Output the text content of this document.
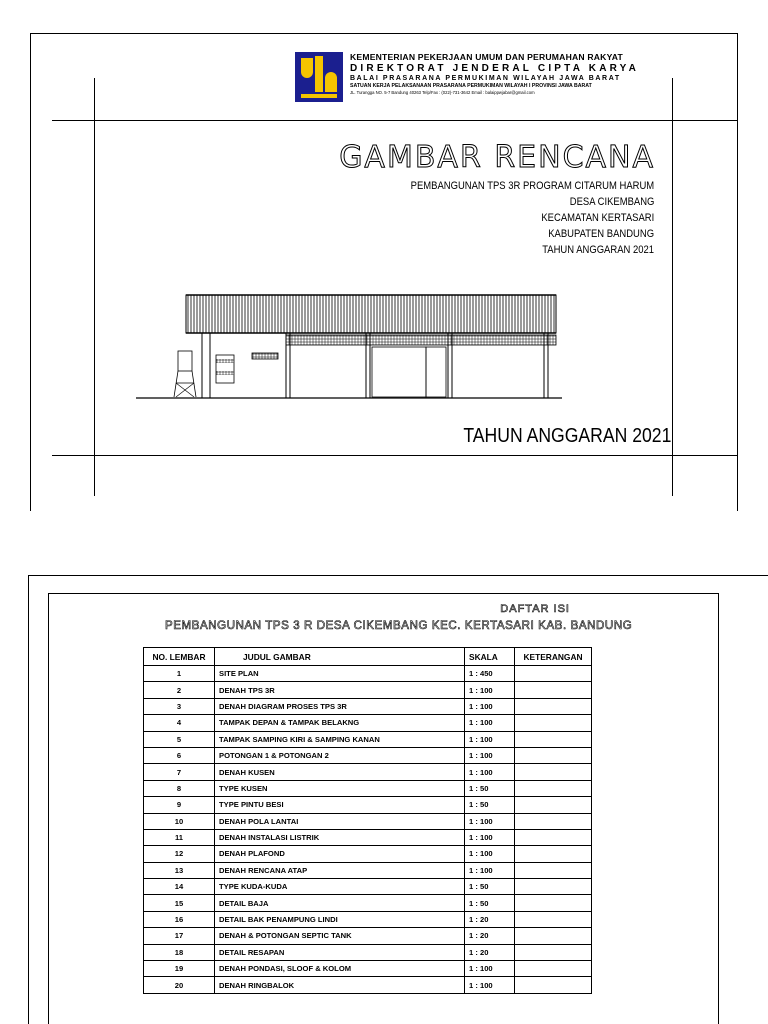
KEMENTERIAN PEKERJAAN UMUM DAN PERUMAHAN RAKYAT
DIREKTORAT JENDERAL CIPTA KARYA
BALAI PRASARANA PERMUKIMAN WILAYAH JAWA BARAT
SATUAN KERJA PELAKSANAAN PRASARANA PERMUKIMAN WILAYAH I PROVINSI JAWA BARAT
JL. Turangga NO. 5-7 Bandung 40263 Telp/Fax : (022)-731-3642 Email : balaippwjabar@gmail.com
GAMBAR RENCANA
PEMBANGUNAN TPS 3R PROGRAM CITARUM HARUM
DESA CIKEMBANG
KECAMATAN KERTASARI
KABUPATEN BANDUNG
TAHUN ANGGARAN 2021
TAHUN ANGGARAN 2021
DAFTAR ISI
PEMBANGUNAN TPS 3 R DESA CIKEMBANG KEC. KERTASARI KAB. BANDUNG
NO. LEMBAR	JUDUL GAMBAR	SKALA	KETERANGAN
1	SITE PLAN	1 : 450	
2	DENAH TPS 3R	1 : 100	
3	DENAH DIAGRAM PROSES TPS 3R	1 : 100	
4	TAMPAK DEPAN & TAMPAK BELAKNG	1 : 100	
5	TAMPAK SAMPING KIRI & SAMPING KANAN	1 : 100	
6	POTONGAN 1 & POTONGAN 2	1 : 100	
7	DENAH KUSEN	1 : 100	
8	TYPE KUSEN	1 : 50	
9	TYPE PINTU BESI	1 : 50	
10	DENAH POLA LANTAI	1 : 100	
11	DENAH INSTALASI LISTRIK	1 : 100	
12	DENAH PLAFOND	1 : 100	
13	DENAH RENCANA ATAP	1 : 100	
14	TYPE KUDA-KUDA	1 : 50	
15	DETAIL BAJA	1 : 50	
16	DETAIL BAK PENAMPUNG LINDI	1 : 20	
17	DENAH & POTONGAN SEPTIC TANK	1 : 20	
18	DETAIL RESAPAN	1 : 20	
19	DENAH PONDASI, SLOOF & KOLOM	1 : 100	
20	DENAH RINGBALOK	1 : 100	
